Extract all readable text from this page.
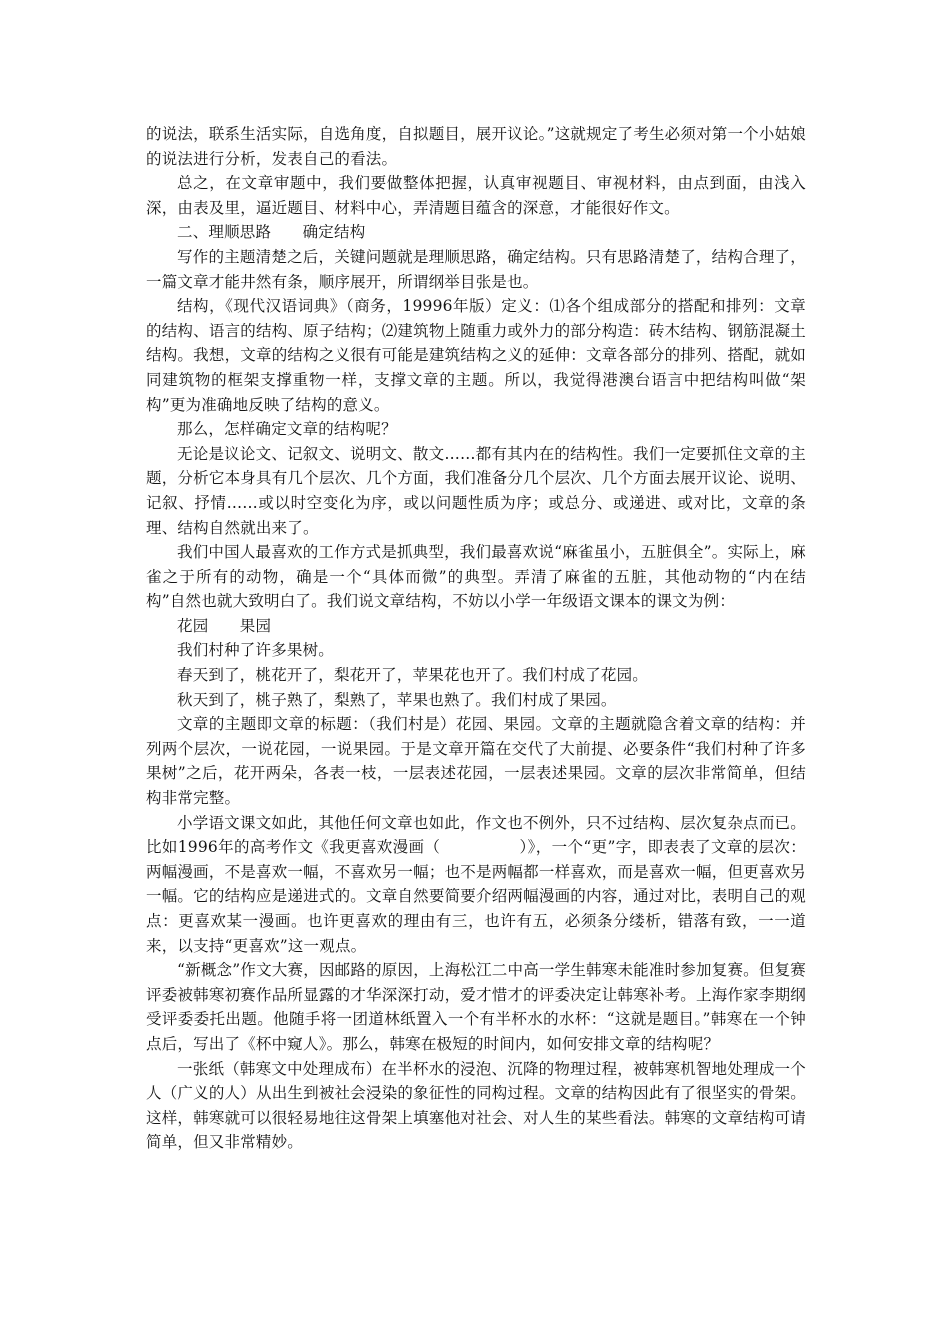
的说法，联系生活实际，自选角度，自拟题目，展开议论。”这就规定了考生必须对第一个小姑娘的说法进行分析，发表自己的看法。

总之，在文章审题中，我们要做整体把握，认真审视题目、审视材料，由点到面，由浅入深，由表及里，逼近题目、材料中心，弄清题目蕴含的深意，才能很好作文。

二、理顺思路　　确定结构

写作的主题清楚之后，关键问题就是理顺思路，确定结构。只有思路清楚了，结构合理了，一篇文章才能井然有条，顺序展开，所谓纲举目张是也。

结构，《现代汉语词典》（商务，19996年版）定义：⑴各个组成部分的搭配和排列：文章的结构、语言的结构、原子结构；⑵建筑物上随重力或外力的部分构造：砖木结构、钢筋混凝土结构。我想，文章的结构之义很有可能是建筑结构之义的延伸：文章各部分的排列、搭配，就如同建筑物的框架支撑重物一样，支撑文章的主题。所以，我觉得港澳台语言中把结构叫做“架构”更为准确地反映了结构的意义。

那么，怎样确定文章的结构呢？

无论是议论文、记叙文、说明文、散文……都有其内在的结构性。我们一定要抓住文章的主题，分析它本身具有几个层次、几个方面，我们准备分几个层次、几个方面去展开议论、说明、记叙、抒情……或以时空变化为序，或以问题性质为序；或总分、或递进、或对比，文章的条理、结构自然就出来了。

我们中国人最喜欢的工作方式是抓典型，我们最喜欢说“麻雀虽小，五脏俱全”。实际上，麻雀之于所有的动物，确是一个“具体而微”的典型。弄清了麻雀的五脏，其他动物的“内在结构”自然也就大致明白了。我们说文章结构，不妨以小学一年级语文课本的课文为例：

花园　　果园

我们村种了许多果树。

春天到了，桃花开了，梨花开了，苹果花也开了。我们村成了花园。

秋天到了，桃子熟了，梨熟了，苹果也熟了。我们村成了果园。

文章的主题即文章的标题：（我们村是）花园、果园。文章的主题就隐含着文章的结构：并列两个层次，一说花园，一说果园。于是文章开篇在交代了大前提、必要条件“我们村种了许多果树”之后，花开两朵，各表一枝，一层表述花园，一层表述果园。文章的层次非常简单，但结构非常完整。

小学语文课文如此，其他任何文章也如此，作文也不例外，只不过结构、层次复杂点而已。比如1996年的高考作文《我更喜欢漫画（　　　　　）》，一个“更”字，即表表了文章的层次：两幅漫画，不是喜欢一幅，不喜欢另一幅；也不是两幅都一样喜欢，而是喜欢一幅，但更喜欢另一幅。它的结构应是递进式的。文章自然要简要介绍两幅漫画的内容，通过对比，表明自己的观点：更喜欢某一漫画。也许更喜欢的理由有三，也许有五，必须条分缕析，错落有致，一一道来，以支持“更喜欢”这一观点。

“新概念”作文大赛，因邮路的原因，上海松江二中高一学生韩寒未能准时参加复赛。但复赛评委被韩寒初赛作品所显露的才华深深打动，爱才惜才的评委决定让韩寒补考。上海作家李期纲受评委委托出题。他随手将一团道林纸置入一个有半杯水的水杯：“这就是题目。”韩寒在一个钟点后，写出了《杯中窥人》。那么，韩寒在极短的时间内，如何安排文章的结构呢？

一张纸（韩寒文中处理成布）在半杯水的浸泡、沉降的物理过程，被韩寒机智地处理成一个人（广义的人）从出生到被社会浸染的象征性的同构过程。文章的结构因此有了很坚实的骨架。这样，韩寒就可以很轻易地往这骨架上填塞他对社会、对人生的某些看法。韩寒的文章结构可请简单，但又非常精妙。
